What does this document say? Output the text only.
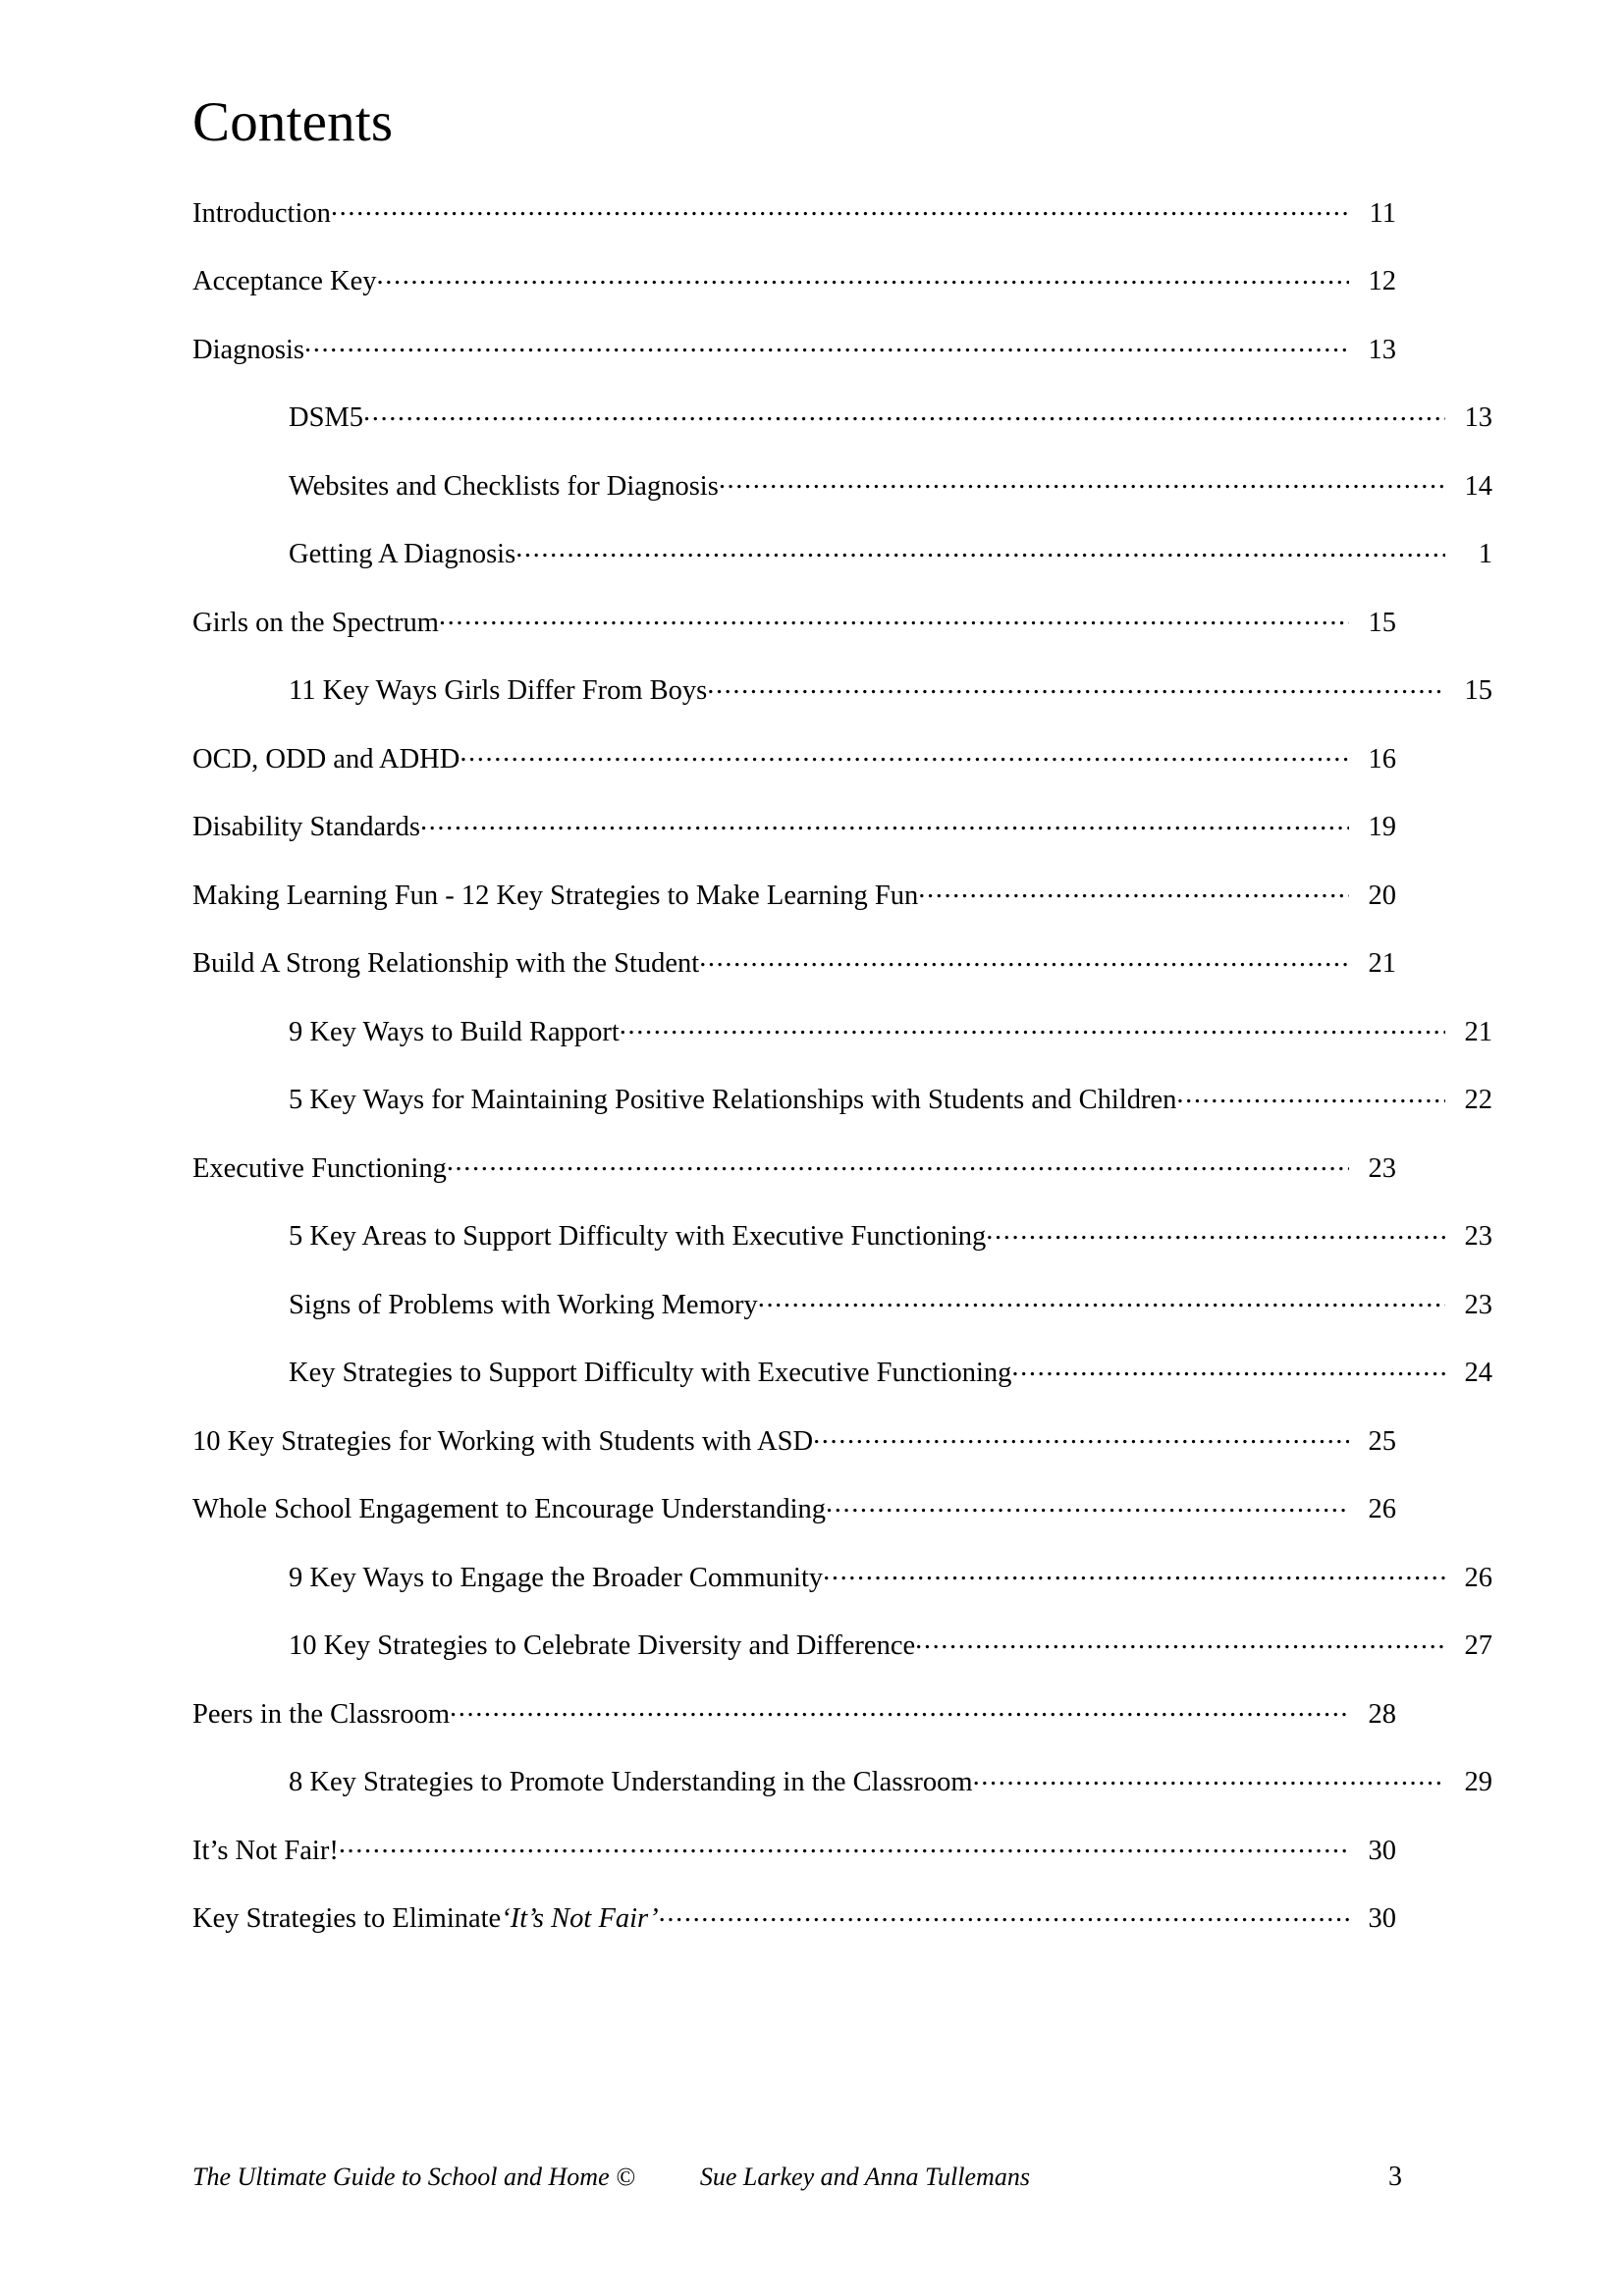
Contents
Introduction .....	11
Acceptance Key .....	12
Diagnosis .....	13
DSM5 .....	13
Websites and Checklists for Diagnosis .....	14
Getting A Diagnosis .....	1
Girls on the Spectrum .....	15
11 Key Ways Girls Differ From Boys .....	15
OCD, ODD and ADHD .....	16
Disability Standards .....	19
Making Learning Fun - 12 Key Strategies to Make Learning Fun .....	20
Build A Strong Relationship with the Student .....	21
9 Key Ways to Build Rapport .....	21
5 Key Ways for Maintaining Positive Relationships with Students and Children .....	22
Executive Functioning .....	23
5 Key Areas to Support Difficulty with Executive Functioning .....	23
Signs of Problems with Working Memory .....	23
Key Strategies to Support Difficulty with Executive Functioning .....	24
10 Key Strategies for Working with Students with ASD .....	25
Whole School Engagement to Encourage Understanding .....	26
9 Key Ways to Engage the Broader Community .....	26
10 Key Strategies to Celebrate Diversity and Difference .....	27
Peers in the Classroom .....	28
8 Key Strategies to Promote Understanding in the Classroom .....	29
It’s Not Fair! .....	30
Key Strategies to Eliminate ‘It’s Not Fair’ .....	30
The Ultimate Guide to School and Home ©	Sue Larkey and Anna Tullemans	3
